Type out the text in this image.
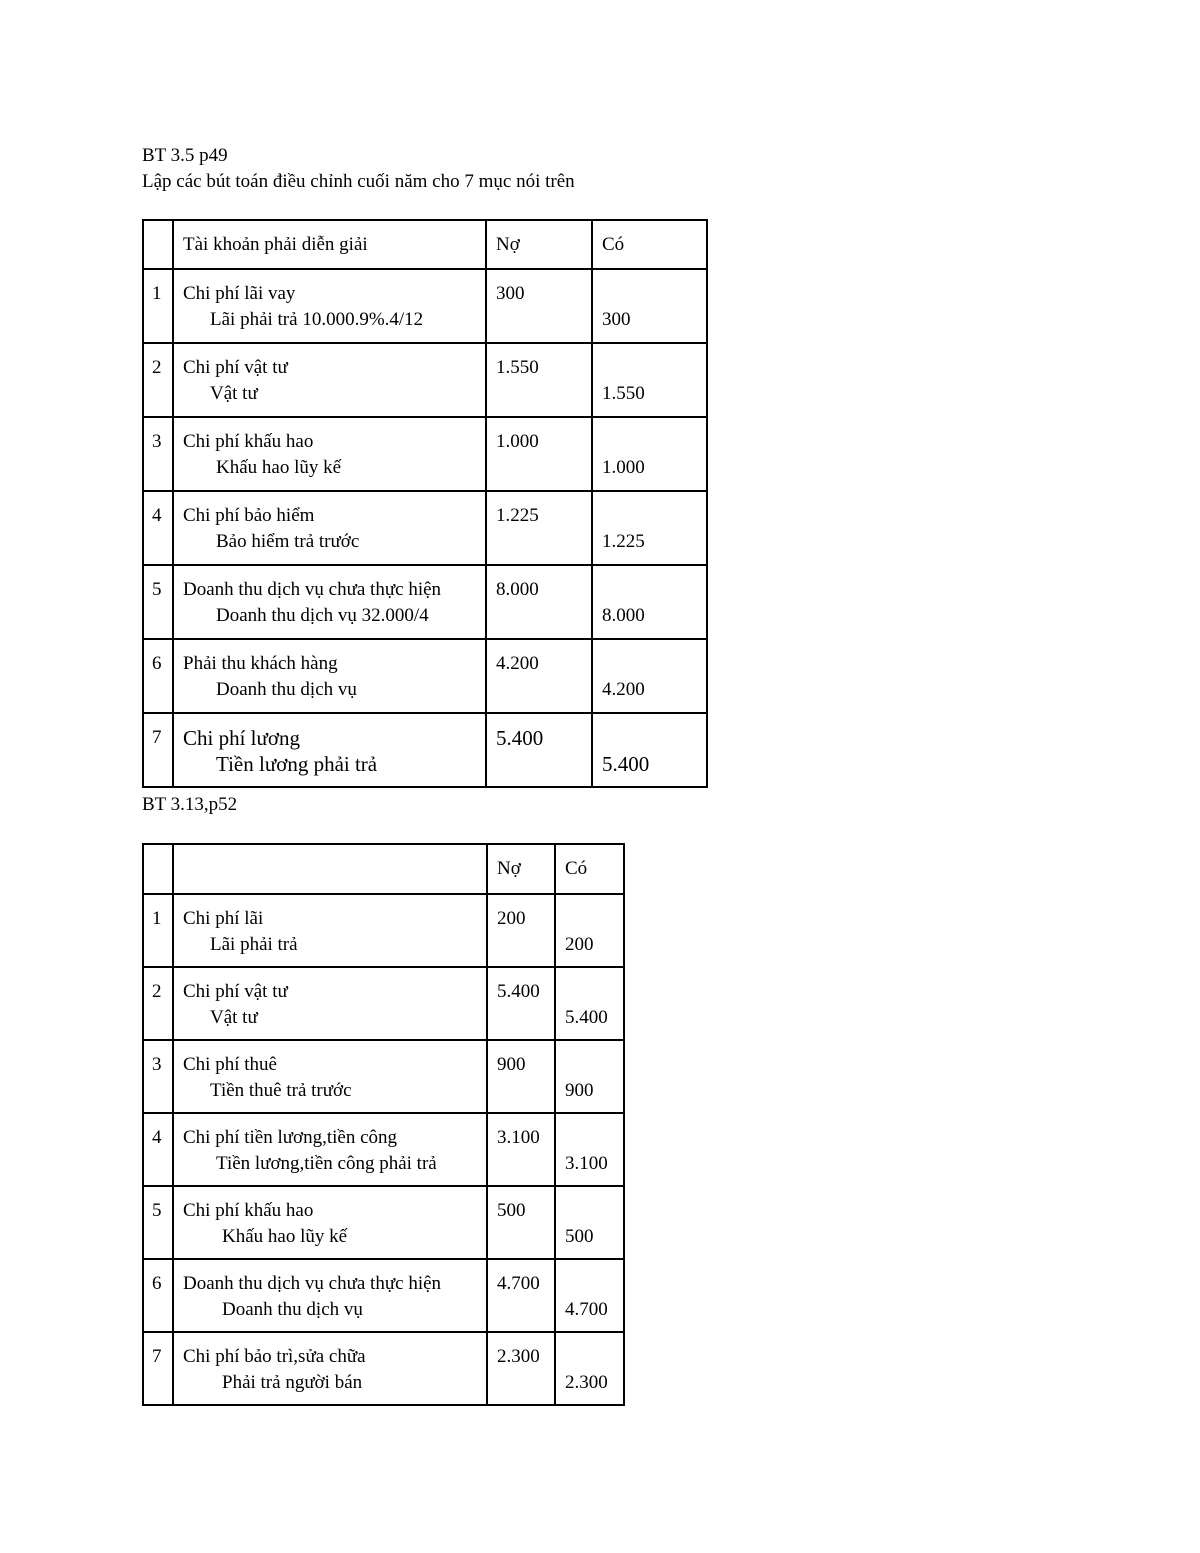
BT 3.5 p49
Lập các bút toán điều chỉnh cuối năm cho 7 mục nói trên

	Tài khoản phải diễn giải	Nợ	Có

1	Chi phí lãi vay
Lãi phải trả 10.000.9%.4/12	300	300

2	Chi phí vật tư
Vật tư	1.550	1.550

3	Chi phí khấu hao
Khấu hao lũy kế	1.000	1.000

4	Chi phí bảo hiểm
Bảo hiểm trả trước	1.225	1.225

5	Doanh thu dịch vụ chưa thực hiện
Doanh thu dịch vụ 32.000/4	8.000	8.000

6	Phải thu khách hàng
Doanh thu dịch vụ	4.200	4.200

7	Chi phí lương
Tiền lương phải trả	5.400	5.400
BT 3.13,p52

		Nợ	Có

1	Chi phí lãi
Lãi phải trả	200	200

2	Chi phí vật tư
Vật tư	5.400	5.400

3	Chi phí thuê
Tiền thuê trả trước	900	900

4	Chi phí tiền lương,tiền công
Tiền lương,tiền công phải trả	3.100	3.100

5	Chi phí khấu hao
Khấu hao lũy kế	500	500

6	Doanh thu dịch vụ chưa thực hiện
Doanh thu dịch vụ	4.700	4.700

7	Chi phí bảo trì,sửa chữa
Phải trả người bán	2.300	2.300
